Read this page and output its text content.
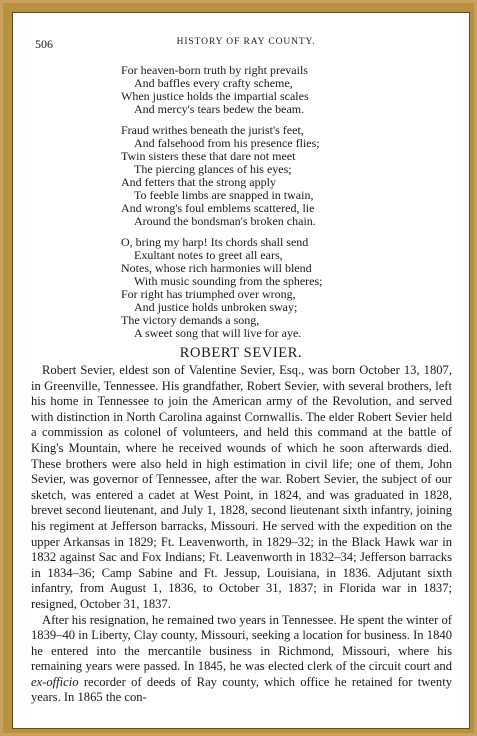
506	HISTORY OF RAY COUNTY.
For heaven-born truth by right prevails
And baffles every crafty scheme,
When justice holds the impartial scales
And mercy's tears bedew the beam.
Fraud writhes beneath the jurist's feet,
And falsehood from his presence flies;
Twin sisters these that dare not meet
The piercing glances of his eyes;
And fetters that the strong apply
To feeble limbs are snapped in twain,
And wrong's foul emblems scattered, lie
Around the bondsman's broken chain.
O, bring my harp! Its chords shall send
Exultant notes to greet all ears,
Notes, whose rich harmonies will blend
With music sounding from the spheres;
For right has triumphed over wrong,
And justice holds unbroken sway;
The victory demands a song,
A sweet song that will live for aye.
ROBERT SEVIER.

Robert Sevier, eldest son of Valentine Sevier, Esq., was born October 13, 1807, in Greenville, Tennessee. His grandfather, Robert Sevier, with several brothers, left his home in Tennessee to join the American army of the Revolution, and served with distinction in North Carolina against Cornwallis. The elder Robert Sevier held a commission as colonel of volunteers, and held this command at the battle of King's Mountain, where he received wounds of which he soon afterwards died. These brothers were also held in high estimation in civil life; one of them, John Sevier, was governor of Tennessee, after the war. Robert Sevier, the subject of our sketch, was entered a cadet at West Point, in 1824, and was graduated in 1828, brevet second lieutenant, and July 1, 1828, second lieutenant sixth infantry, joining his regiment at Jefferson barracks, Missouri. He served with the expedition on the upper Arkansas in 1829; Ft. Leavenworth, in 1829–32; in the Black Hawk war in 1832 against Sac and Fox Indians; Ft. Leavenworth in 1832–34; Jefferson barracks in 1834–36; Camp Sabine and Ft. Jessup, Louisiana, in 1836. Adjutant sixth infantry, from August 1, 1836, to October 31, 1837; in Florida war in 1837; resigned, October 31, 1837.

After his resignation, he remained two years in Tennessee. He spent the winter of 1839–40 in Liberty, Clay county, Missouri, seeking a location for business. In 1840 he entered into the mercantile business in Richmond, Missouri, where his remaining years were passed. In 1845, he was elected clerk of the circuit court and ex-officio recorder of deeds of Ray county, which office he retained for twenty years. In 1865 the con-
